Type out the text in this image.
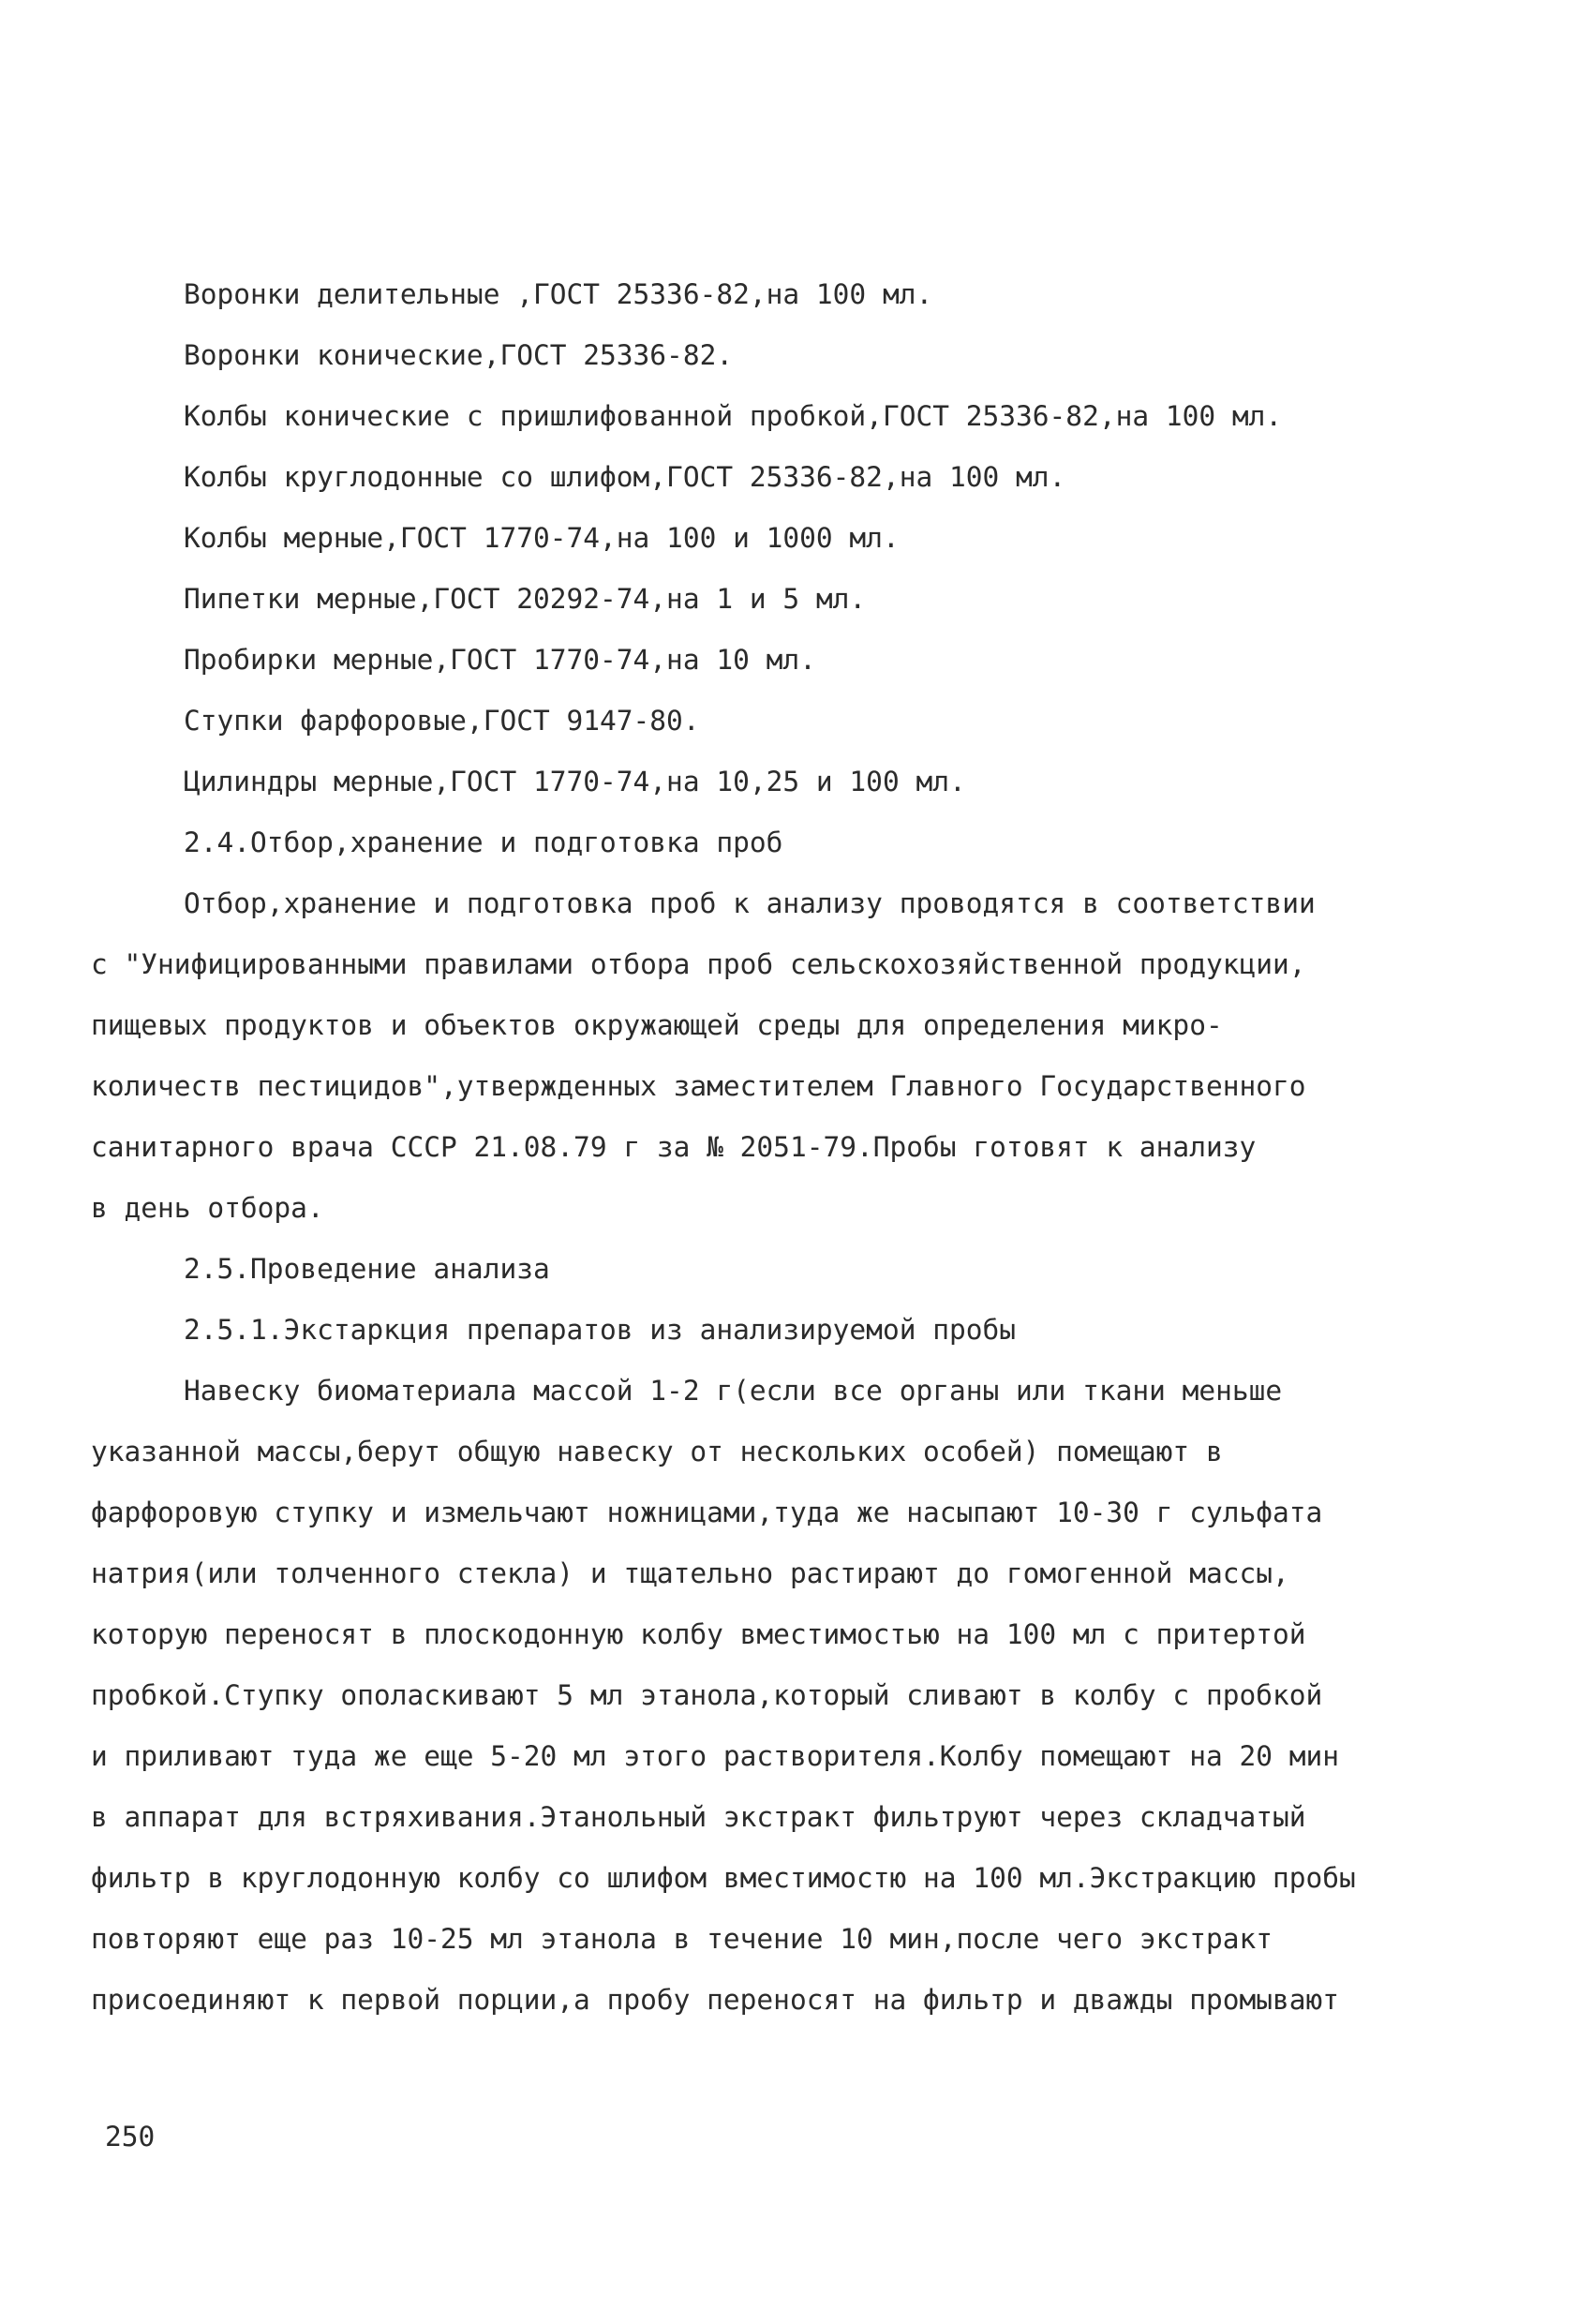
Воронки делительные ,ГОСТ 25336-82,на 100 мл.
Воронки конические,ГОСТ 25336-82.
Колбы конические с пришлифованной пробкой,ГОСТ 25336-82,на 100 мл.
Колбы круглодонные со шлифом,ГОСТ 25336-82,на 100 мл.
Колбы мерные,ГОСТ 1770-74,на 100 и 1000 мл.
Пипетки мерные,ГОСТ 20292-74,на 1 и 5 мл.
Пробирки мерные,ГОСТ 1770-74,на 10 мл.
Ступки фарфоровые,ГОСТ 9147-80.
Цилиндры мерные,ГОСТ 1770-74,на 10,25 и 100 мл.
2.4.Отбор,хранение и подготовка проб
Отбор,хранение и подготовка проб к анализу проводятся в соответствии
с "Унифицированными правилами отбора проб сельскохозяйственной продукции,
пищевых продуктов и объектов окружающей среды для определения микро-
количеств пестицидов",утвержденных заместителем Главного Государственного
санитарного врача СССР 21.08.79 г за № 2051-79.Пробы готовят к анализу
в день отбора.
2.5.Проведение анализа
2.5.1.Экстаркция препаратов из анализируемой пробы
Навеску биоматериала массой 1-2 г(если все органы или ткани меньше
указанной массы,берут общую навеску от нескольких особей) помещают в
фарфоровую ступку и измельчают ножницами,туда же насыпают 10-30 г сульфата
натрия(или толченного стекла) и тщательно растирают до гомогенной массы,
которую переносят в плоскодонную колбу вместимостью на 100 мл с притертой
пробкой.Ступку ополаскивают 5 мл этанола,который сливают в колбу с пробкой
и приливают туда же еще 5-20 мл этого растворителя.Колбу помещают на 20 мин
в аппарат для встряхивания.Этанольный экстракт фильтруют через складчатый
фильтр в круглодонную колбу со шлифом вместимостю на 100 мл.Экстракцию пробы
повторяют еще раз 10-25 мл этанола в течение 10 мин,после чего экстракт
присоединяют к первой порции,а пробу переносят на фильтр и дважды промывают
250
